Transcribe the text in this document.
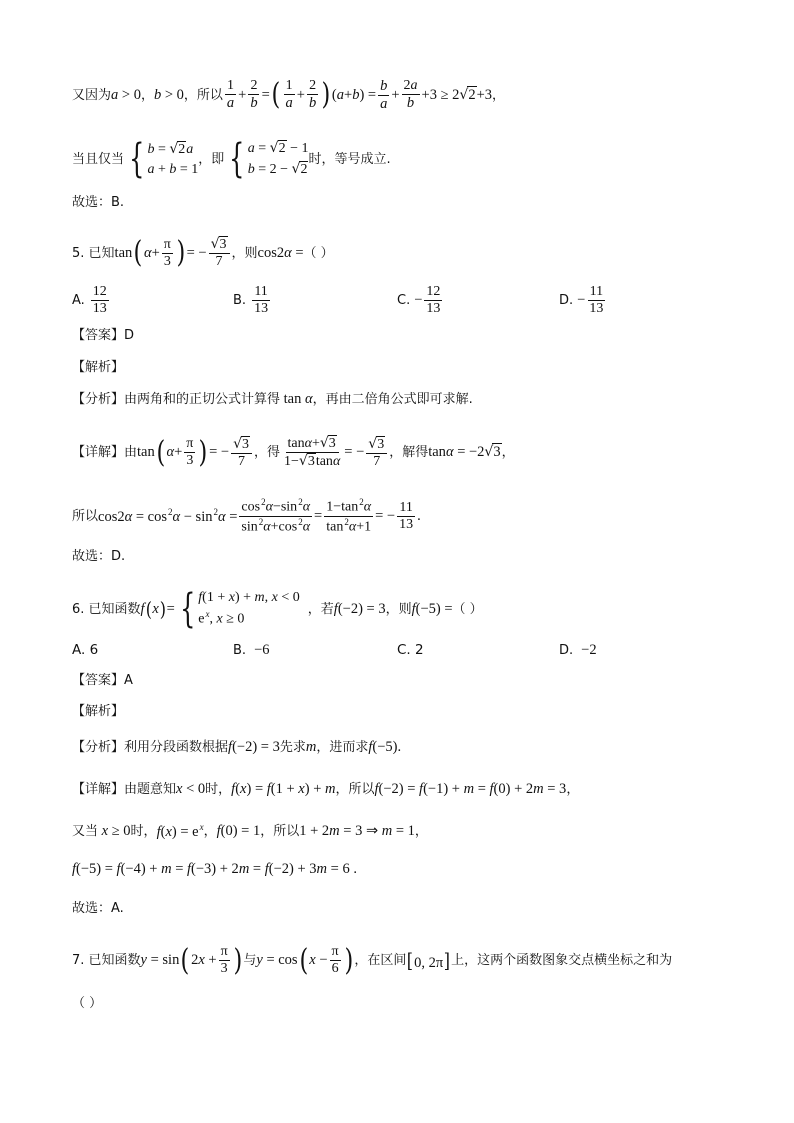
又因为 a > 0 ， b > 0 ，所以 $\frac{1}{a} + \frac{2}{b}$ = ( $\frac{1}{a} + \frac{2}{b}$ ) $(a+b) = \frac{b}{a} + \frac{2a}{b} +3 \ge 2√2+3$ ，
当且仅当 { b = √2a
a + b = 1
，即 { a = √2 − 1
b = 2 − √2
时，等号成立.
故选：B.
5. 已知 tan ( $\alpha + \frac{\pi}{3}$ ) = − $\frac{√3}{7}$ ，则 cos2α = （ ）
A. $\frac{12}{13}$	B. $\frac{11}{13}$	C. − $\frac{12}{13}$	D. − $\frac{11}{13}$
【答案】 D
【解析】
【分析】 由两角和的正切公式计算得 tan α ，再由二倍角公式即可求解.
【详解】 由 tan ( $\alpha + \frac{\pi}{3}$ ) = − $\frac{√3}{7}$ ，得 $\frac{\tan\alpha+√3}{1-√3\tan\alpha}$ = − $\frac{√3}{7}$ ，解得 tanα = −2√3 ，
所以 $\cos 2\alpha = \cos^2\alpha - \sin^2\alpha = \frac{\cos^2\alpha-\sin^2\alpha}{\sin^2\alpha+\cos^2\alpha} = \frac{1-\tan^2\alpha}{\tan^2\alpha+1}$ = − $\frac{11}{13}$ .
故选：D.
6. 已知函数 f ( x ) = { f(1 + x) + m, x < 0
$e^x$, x ≥ 0
，若 f(−2) = 3 ，则 f(−5) = （ ）
A. 6	B. −6	C. 2	D. −2
【答案】 A
【解析】
【分析】 利用分段函数根据 f(−2) = 3 先求 m ，进而求 f(−5).
【详解】 由题意知 x < 0 时， f(x) = f(1 + x) + m ，所以 f(−2) = f(−1) + m = f(0) + 2m = 3 ，
又当 x ≥ 0 时， $f(x) = e^x$ ， f(0) = 1 ，所以 1 + 2m = 3 ⇒ m = 1 ，
f(−5) = f(−4) + m = f(−3) + 2m = f(−2) + 3m = 6 .
故选：A.
7. 已知函数 y = sin ( $2x + \frac{\pi}{3}$ ) 与 y = cos ( $x - \frac{\pi}{6}$ ) ，在区间 [0, 2π] 上，这两个函数图象交点横坐标之和为
（ ）
